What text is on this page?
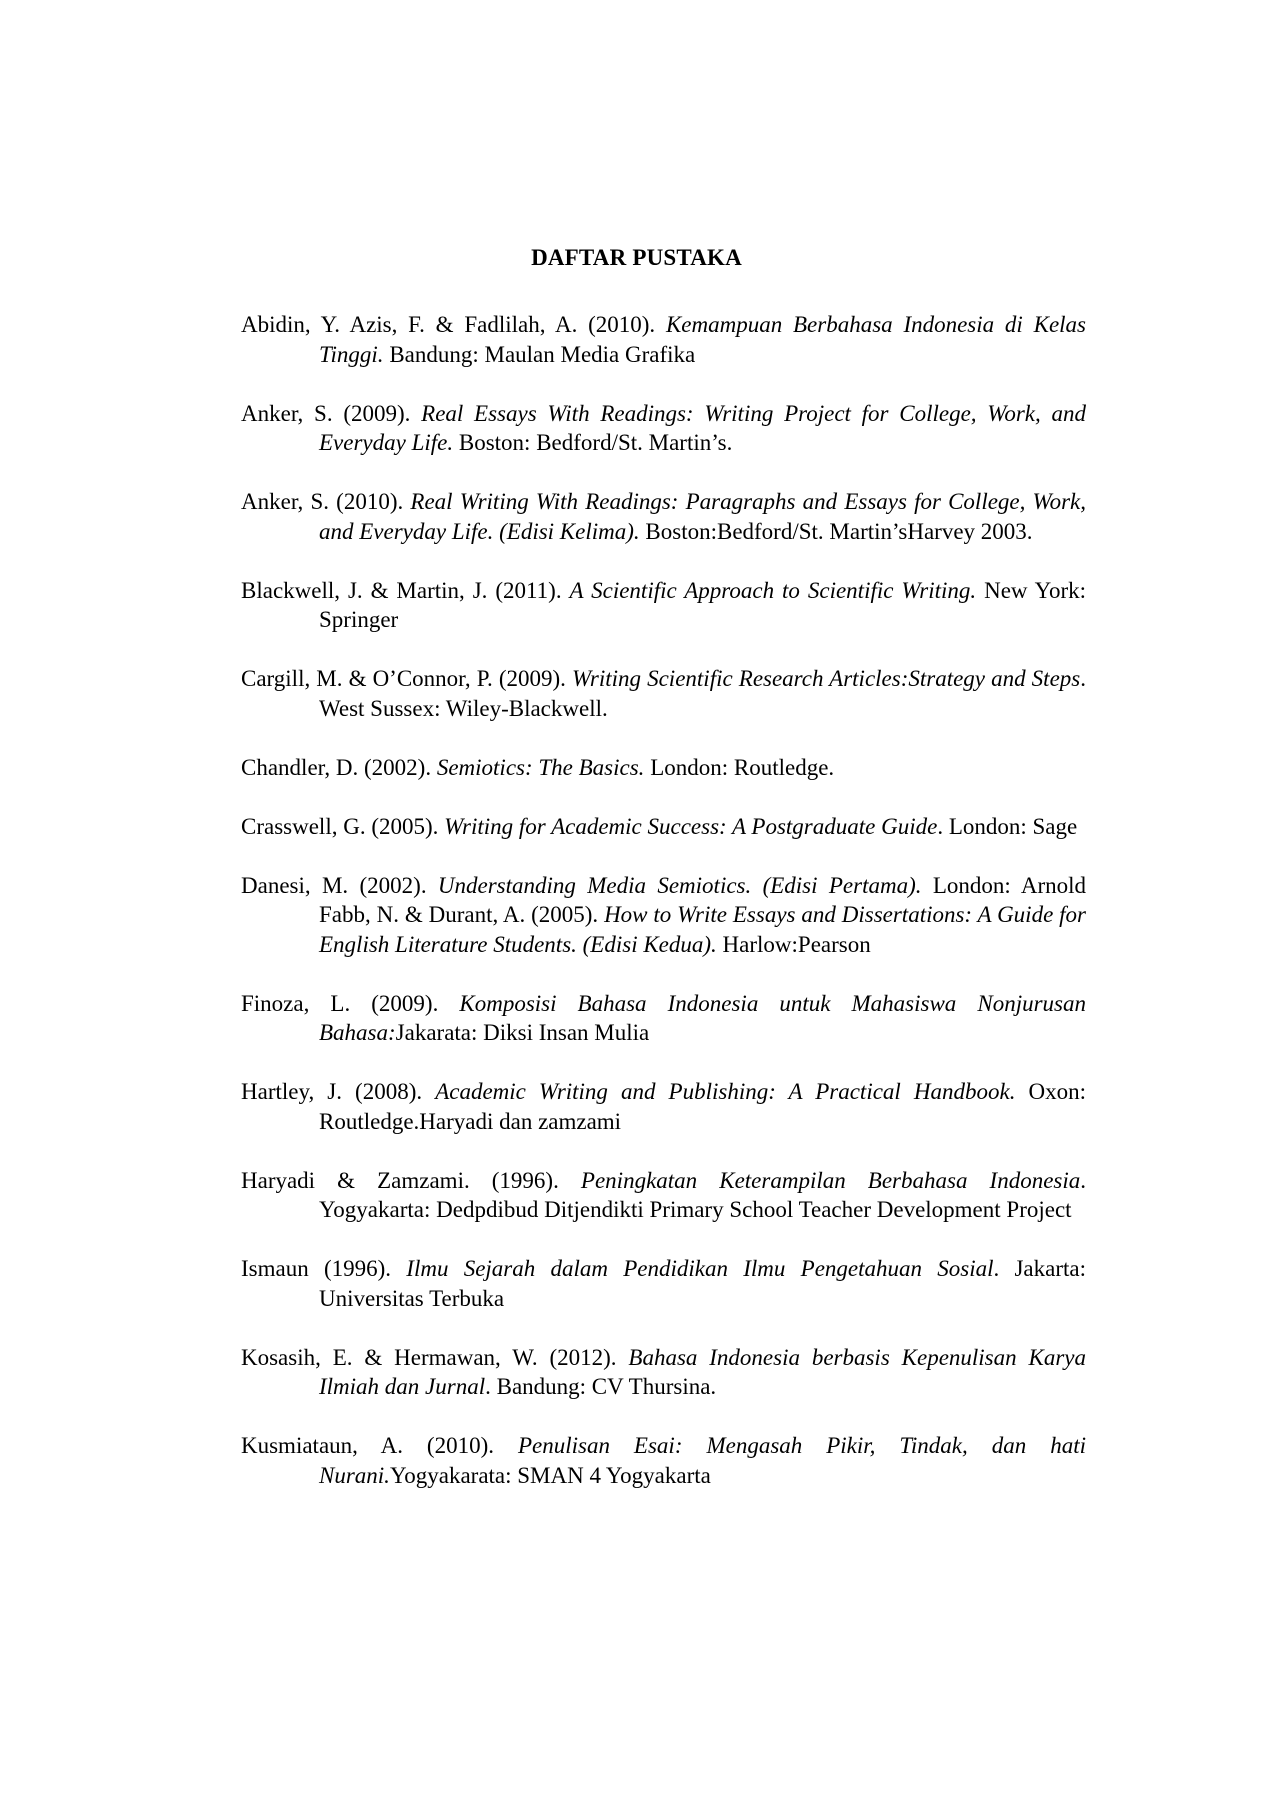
DAFTAR PUSTAKA

Abidin, Y. Azis, F. & Fadlilah, A. (2010). Kemampuan Berbahasa Indonesia di Kelas Tinggi. Bandung: Maulan Media Grafika

Anker, S. (2009). Real Essays With Readings: Writing Project for College, Work, and Everyday Life. Boston: Bedford/St. Martin’s.

Anker, S. (2010). Real Writing With Readings: Paragraphs and Essays for College, Work, and Everyday Life. (Edisi Kelima). Boston:Bedford/St. Martin’sHarvey 2003.

Blackwell, J. & Martin, J. (2011). A Scientific Approach to Scientific Writing. New York: Springer

Cargill, M. & O’Connor, P. (2009). Writing Scientific Research Articles:Strategy and Steps. West Sussex: Wiley-Blackwell.

Chandler, D. (2002). Semiotics: The Basics. London: Routledge.

Crasswell, G. (2005). Writing for Academic Success: A Postgraduate Guide. London: Sage

Danesi, M. (2002). Understanding Media Semiotics. (Edisi Pertama). London: Arnold Fabb, N. & Durant, A. (2005). How to Write Essays and Dissertations: A Guide for English Literature Students. (Edisi Kedua). Harlow:Pearson

Finoza, L. (2009). Komposisi Bahasa Indonesia untuk Mahasiswa Nonjurusan Bahasa:Jakarata: Diksi Insan Mulia

Hartley, J. (2008). Academic Writing and Publishing: A Practical Handbook. Oxon: Routledge.Haryadi dan zamzami

Haryadi & Zamzami. (1996). Peningkatan Keterampilan Berbahasa Indonesia. Yogyakarta: Dedpdibud Ditjendikti Primary School Teacher Development Project

Ismaun (1996). Ilmu Sejarah dalam Pendidikan Ilmu Pengetahuan Sosial. Jakarta: Universitas Terbuka

Kosasih, E. & Hermawan, W. (2012). Bahasa Indonesia berbasis Kepenulisan Karya Ilmiah dan Jurnal. Bandung: CV Thursina.

Kusmiataun, A. (2010). Penulisan Esai: Mengasah Pikir, Tindak, dan hati Nurani.Yogyakarata: SMAN 4 Yogyakarta
